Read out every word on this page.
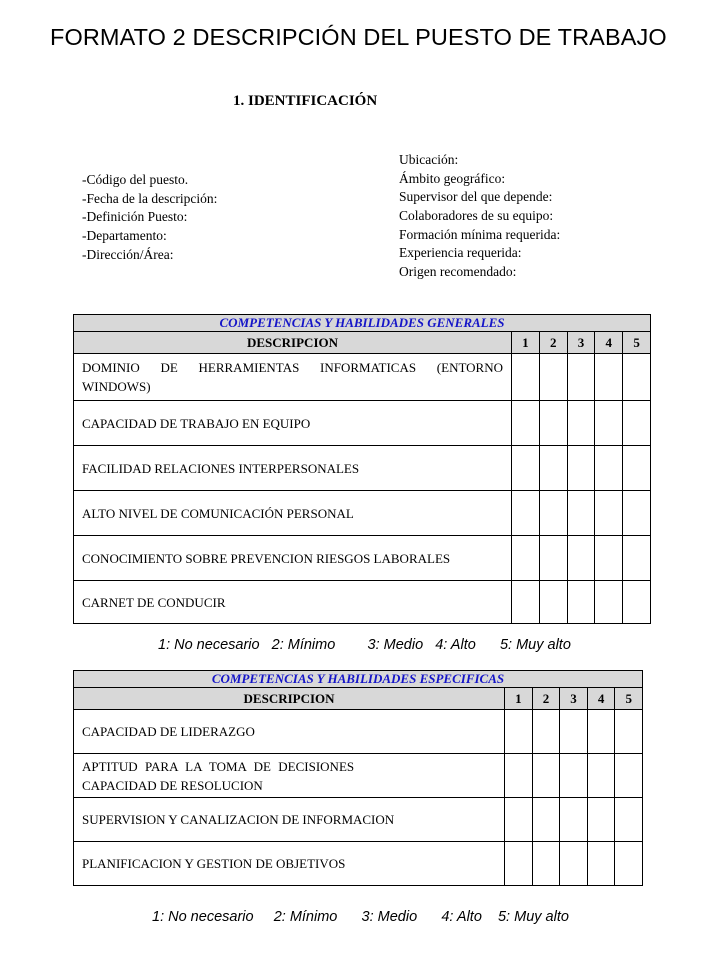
FORMATO 2 DESCRIPCIÓN DEL PUESTO DE TRABAJO
1. IDENTIFICACIÓN
-Código del puesto.
-Fecha de la descripción:
-Definición Puesto:
-Departamento:
-Dirección/Área:
Ubicación:
Ámbito geográfico:
Supervisor del que depende:
Colaboradores de su equipo:
Formación mínima requerida:
Experiencia requerida:
Origen recomendado:
COMPETENCIAS Y HABILIDADES GENERALES					
DESCRIPCION	1	2	3	4	5
DOMINIO DE HERRAMIENTAS INFORMATICAS (ENTORNO WINDOWS)					
CAPACIDAD DE TRABAJO EN EQUIPO					
FACILIDAD RELACIONES INTERPERSONALES					
ALTO NIVEL DE COMUNICACIÓN PERSONAL					
CONOCIMIENTO SOBRE PREVENCION RIESGOS LABORALES					
CARNET DE CONDUCIR					
1: No necesario   2: Mínimo        3: Medio   4: Alto      5: Muy alto
COMPETENCIAS Y HABILIDADES ESPECIFICAS					
DESCRIPCION	1	2	3	4	5
CAPACIDAD DE LIDERAZGO					
APTITUD PARA LA TOMA DE DECISIONES CAPACIDAD DE RESOLUCION					
SUPERVISION Y CANALIZACION DE INFORMACION					
PLANIFICACION Y GESTION DE OBJETIVOS					
1: No necesario     2: Mínimo      3: Medio      4: Alto    5: Muy alto
